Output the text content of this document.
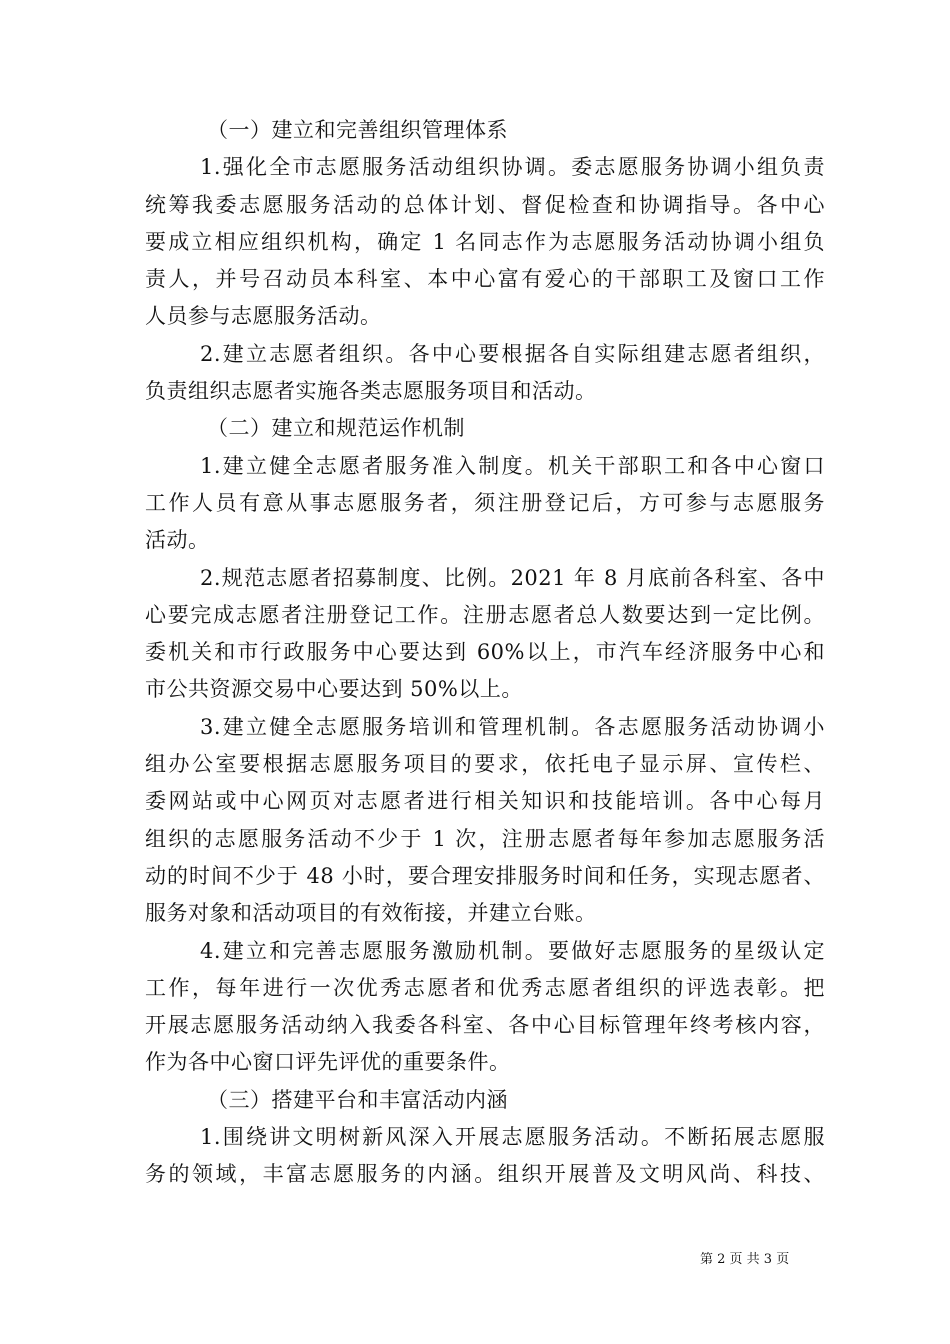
（一）建立和完善组织管理体系
1.强化全市志愿服务活动组织协调。委志愿服务协调小组负责
统筹我委志愿服务活动的总体计划、督促检查和协调指导。各中心
要成立相应组织机构，确定 1 名同志作为志愿服务活动协调小组负
责人，并号召动员本科室、本中心富有爱心的干部职工及窗口工作
人员参与志愿服务活动。
2.建立志愿者组织。各中心要根据各自实际组建志愿者组织，
负责组织志愿者实施各类志愿服务项目和活动。
（二）建立和规范运作机制
1.建立健全志愿者服务准入制度。机关干部职工和各中心窗口
工作人员有意从事志愿服务者，须注册登记后，方可参与志愿服务
活动。
2.规范志愿者招募制度、比例。2021 年 8 月底前各科室、各中
心要完成志愿者注册登记工作。注册志愿者总人数要达到一定比例。
委机关和市行政服务中心要达到 60%以上，市汽车经济服务中心和
市公共资源交易中心要达到 50%以上。
3.建立健全志愿服务培训和管理机制。各志愿服务活动协调小
组办公室要根据志愿服务项目的要求，依托电子显示屏、宣传栏、
委网站或中心网页对志愿者进行相关知识和技能培训。各中心每月
组织的志愿服务活动不少于 1 次，注册志愿者每年参加志愿服务活
动的时间不少于 48 小时，要合理安排服务时间和任务，实现志愿者、
服务对象和活动项目的有效衔接，并建立台账。
4.建立和完善志愿服务激励机制。要做好志愿服务的星级认定
工作，每年进行一次优秀志愿者和优秀志愿者组织的评选表彰。把
开展志愿服务活动纳入我委各科室、各中心目标管理年终考核内容，
作为各中心窗口评先评优的重要条件。
（三）搭建平台和丰富活动内涵
1.围绕讲文明树新风深入开展志愿服务活动。不断拓展志愿服
务的领域，丰富志愿服务的内涵。组织开展普及文明风尚、科技、
第 2 页 共 3 页
